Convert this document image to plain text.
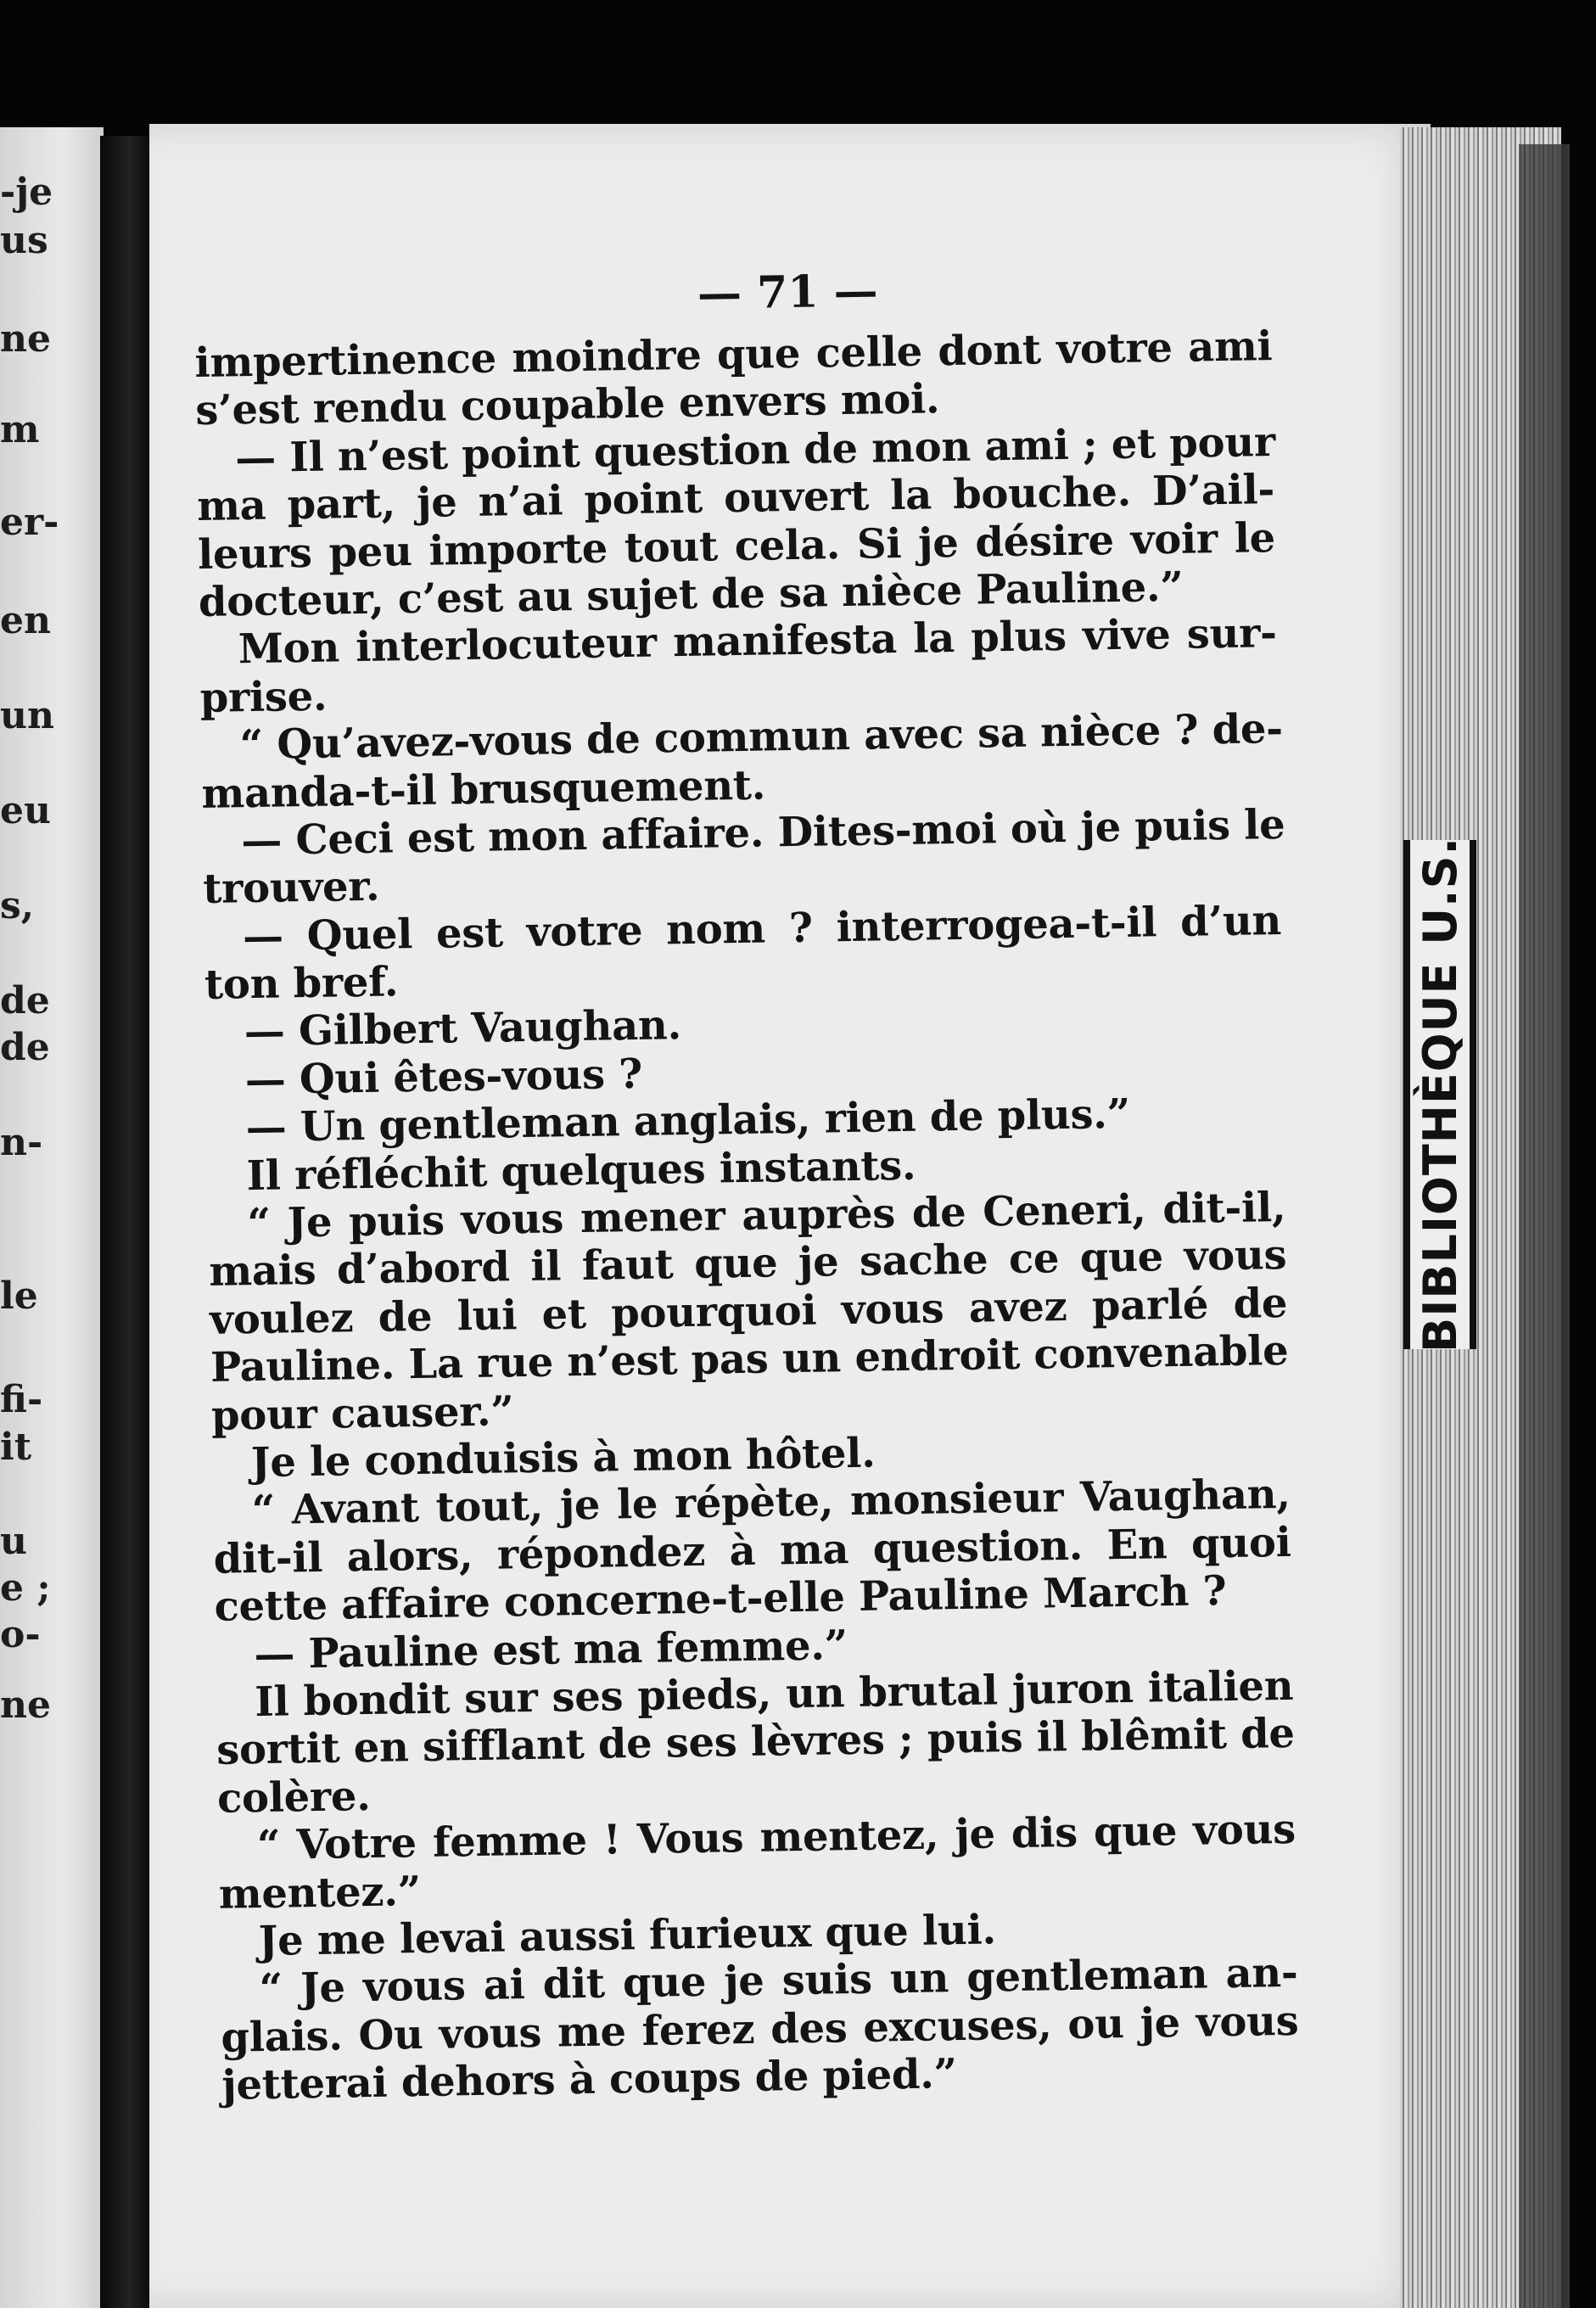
-je

us

ne

m

er-

en

un

eu

s,

de

de

n-

le

fi-

it

u

e ;

o-

ne

BIBLIOTHÈQUE U.S.

— 71 —

impertinence moindre que celle dont votre ami

s’est rendu coupable envers moi.

— Il n’est point question de mon ami ; et pour

ma part, je n’ai point ouvert la bouche. D’ail-

leurs peu importe tout cela. Si je désire voir le

docteur, c’est au sujet de sa nièce Pauline.”

Mon interlocuteur manifesta la plus vive sur-

prise.

“ Qu’avez-vous de commun avec sa nièce ? de-

manda-t-il brusquement.

— Ceci est mon affaire. Dites-moi où je puis le

trouver.

— Quel est votre nom ? interrogea-t-il d’un

ton bref.

— Gilbert Vaughan.

— Qui êtes-vous ?

— Un gentleman anglais, rien de plus.”

Il réfléchit quelques instants.

“ Je puis vous mener auprès de Ceneri, dit-il,

mais d’abord il faut que je sache ce que vous

voulez de lui et pourquoi vous avez parlé de

Pauline. La rue n’est pas un endroit convenable

pour causer.”

Je le conduisis à mon hôtel.

“ Avant tout, je le répète, monsieur Vaughan,

dit-il alors, répondez à ma question. En quoi

cette affaire concerne-t-elle Pauline March ?

— Pauline est ma femme.”

Il bondit sur ses pieds, un brutal juron italien

sortit en sifflant de ses lèvres ; puis il blêmit de

colère.

“ Votre femme ! Vous mentez, je dis que vous

mentez.”

Je me levai aussi furieux que lui.

“ Je vous ai dit que je suis un gentleman an-

glais. Ou vous me ferez des excuses, ou je vous

jetterai dehors à coups de pied.”
